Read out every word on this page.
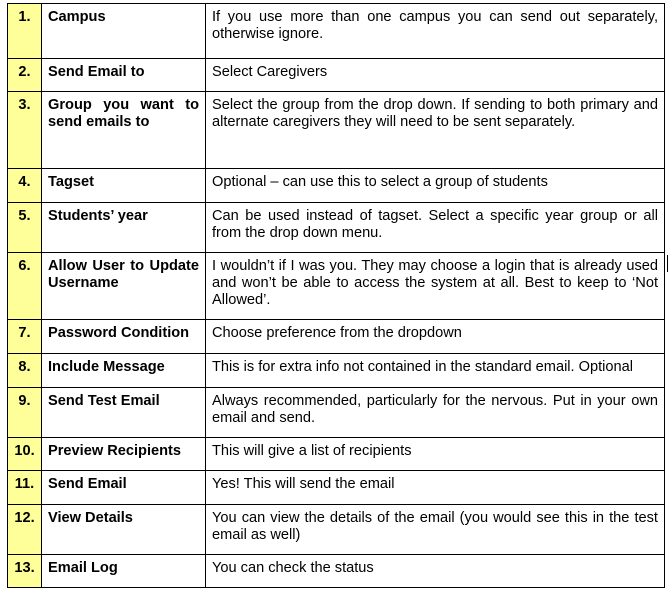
1.	Campus	If you use more than one campus you can send out separately, otherwise ignore.
2.	Send Email to	Select Caregivers
3.	Group you want to send emails to	Select the group from the drop down. If sending to both primary and alternate caregivers they will need to be sent separately.
4.	Tagset	Optional – can use this to select a group of students
5.	Students’ year	Can be used instead of tagset. Select a specific year group or all from the drop down menu.
6.	Allow User to Update Username	I wouldn’t if I was you. They may choose a login that is already used and won’t be able to access the system at all. Best to keep to ‘Not Allowed’.
7.	Password Condition	Choose preference from the dropdown
8.	Include Message	This is for extra info not contained in the standard email. Optional
9.	Send Test Email	Always recommended, particularly for the nervous. Put in your own email and send.
10.	Preview Recipients	This will give a list of recipients
11.	Send Email	Yes! This will send the email
12.	View Details	You can view the details of the email (you would see this in the test email as well)
13.	Email Log	You can check the status
